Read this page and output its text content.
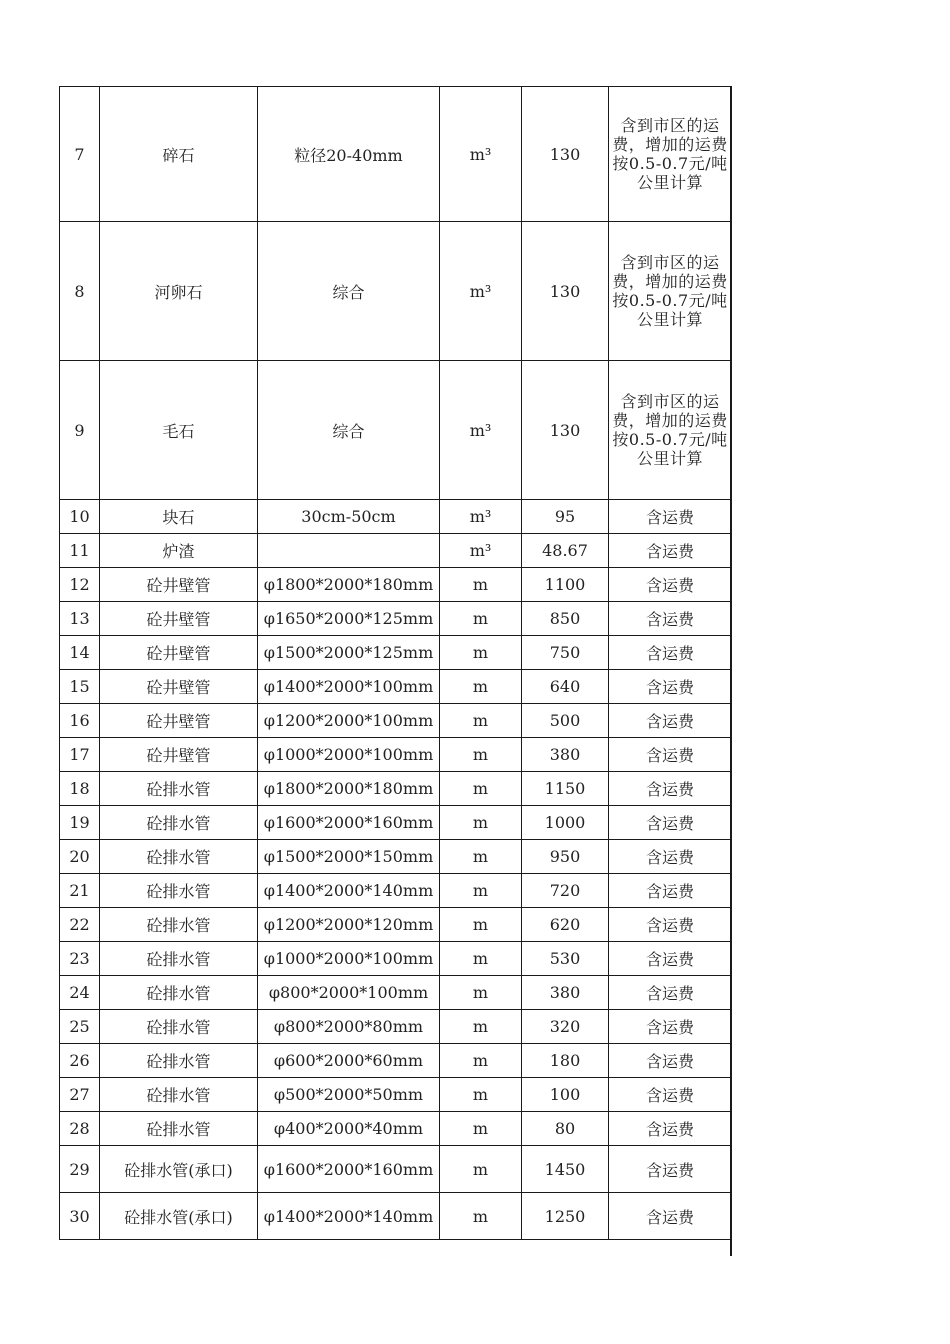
7	碎石	粒径20-40mm	m³	130	含到市区的运费，增加的运费按0.5-0.7元/吨公里计算
8	河卵石	综合	m³	130	含到市区的运费，增加的运费按0.5-0.7元/吨公里计算
9	毛石	综合	m³	130	含到市区的运费，增加的运费按0.5-0.7元/吨公里计算
10	块石	30cm-50cm	m³	95	含运费
11	炉渣		m³	48.67	含运费
12	砼井壁管	φ1800*2000*180mm	m	1100	含运费
13	砼井壁管	φ1650*2000*125mm	m	850	含运费
14	砼井壁管	φ1500*2000*125mm	m	750	含运费
15	砼井壁管	φ1400*2000*100mm	m	640	含运费
16	砼井壁管	φ1200*2000*100mm	m	500	含运费
17	砼井壁管	φ1000*2000*100mm	m	380	含运费
18	砼排水管	φ1800*2000*180mm	m	1150	含运费
19	砼排水管	φ1600*2000*160mm	m	1000	含运费
20	砼排水管	φ1500*2000*150mm	m	950	含运费
21	砼排水管	φ1400*2000*140mm	m	720	含运费
22	砼排水管	φ1200*2000*120mm	m	620	含运费
23	砼排水管	φ1000*2000*100mm	m	530	含运费
24	砼排水管	φ800*2000*100mm	m	380	含运费
25	砼排水管	φ800*2000*80mm	m	320	含运费
26	砼排水管	φ600*2000*60mm	m	180	含运费
27	砼排水管	φ500*2000*50mm	m	100	含运费
28	砼排水管	φ400*2000*40mm	m	80	含运费
29	砼排水管(承口)	φ1600*2000*160mm	m	1450	含运费
30	砼排水管(承口)	φ1400*2000*140mm	m	1250	含运费
